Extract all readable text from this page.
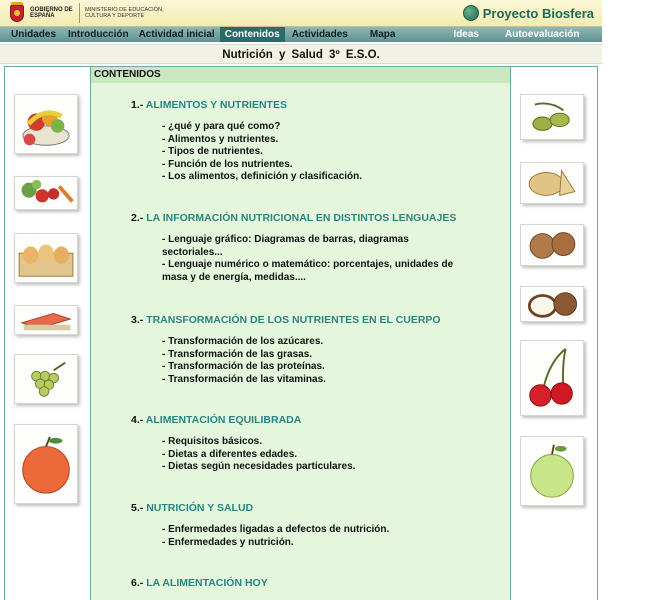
GOBIERNO DE ESPAÑA
MINISTERIO DE EDUCACIÓN, CULTURA Y DEPORTE	Proyecto Biosfera
Unidades	Introducción	Actividad inicial	Contenidos	Actividades	Mapa	Ideas	Autoevaluación	Enlaces
Nutrición y Salud 3º E.S.O.
CONTENIDOS
1.- ALIMENTOS Y NUTRIENTES
- ¿qué y para qué como?
- Alimentos y nutrientes.
- Tipos de nutrientes.
- Función de los nutrientes.
- Los alimentos, definición y clasificación.
2.- LA INFORMACIÓN NUTRICIONAL EN DISTINTOS LENGUAJES
- Lenguaje gráfico: Diagramas de barras, diagramas sectoriales...
- Lenguaje numérico o matemático: porcentajes, unidades de masa y de energía, medidas....
3.- TRANSFORMACIÓN DE LOS NUTRIENTES EN EL CUERPO
- Transformación de los azúcares.
- Transformación de las grasas.
- Transformación de las proteínas.
- Transformación de las vitaminas.
4.- ALIMENTACIÓN EQUILIBRADA
- Requisitos básicos.
- Dietas a diferentes edades.
- Dietas según necesidades particulares.
5.- NUTRICIÓN Y SALUD
- Enfermedades ligadas a defectos de nutrición.
- Enfermedades y nutrición.
6.- LA ALIMENTACIÓN HOY
